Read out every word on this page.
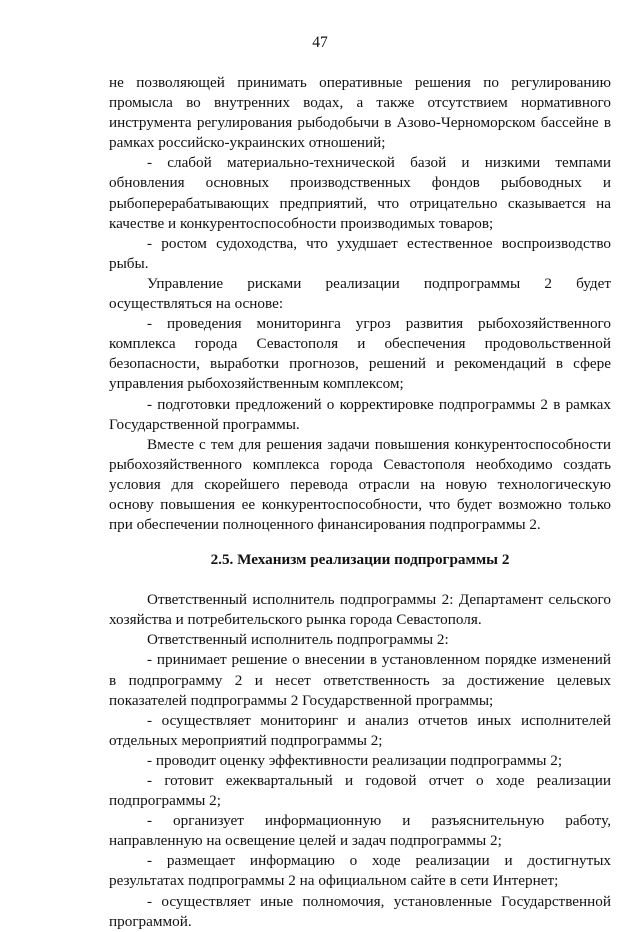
47

не позволяющей принимать оперативные решения по регулированию промысла во внутренних водах, а также отсутствием нормативного инструмента регулирования рыбодобычи в Азово-Черноморском бассейне в рамках российско-украинских отношений;

- слабой материально-технической базой и низкими темпами обновления основных производственных фондов рыбоводных и рыбоперерабатывающих предприятий, что отрицательно сказывается на качестве и конкурентоспособности производимых товаров;

- ростом судоходства, что ухудшает естественное воспроизводство рыбы.

Управление рисками реализации подпрограммы 2 будет осуществляться на основе:

- проведения мониторинга угроз развития рыбохозяйственного комплекса города Севастополя и обеспечения продовольственной безопасности, выработки прогнозов, решений и рекомендаций в сфере управления рыбохозяйственным комплексом;

- подготовки предложений о корректировке подпрограммы 2 в рамках Государственной программы.

Вместе с тем для решения задачи повышения конкурентоспособности рыбохозяйственного комплекса города Севастополя необходимо создать условия для скорейшего перевода отрасли на новую технологическую основу повышения ее конкурентоспособности, что будет возможно только при обеспечении полноценного финансирования подпрограммы 2.

2.5. Механизм реализации подпрограммы 2

Ответственный исполнитель подпрограммы 2: Департамент сельского хозяйства и потребительского рынка города Севастополя.

Ответственный исполнитель подпрограммы 2:

- принимает решение о внесении в установленном порядке изменений в подпрограмму 2 и несет ответственность за достижение целевых показателей подпрограммы 2 Государственной программы;

- осуществляет мониторинг и анализ отчетов иных исполнителей отдельных мероприятий подпрограммы 2;

- проводит оценку эффективности реализации подпрограммы 2;

- готовит ежеквартальный и годовой отчет о ходе реализации подпрограммы 2;

- организует информационную и разъяснительную работу, направленную на освещение целей и задач подпрограммы 2;

- размещает информацию о ходе реализации и достигнутых результатах подпрограммы 2 на официальном сайте в сети Интернет;

- осуществляет иные полномочия, установленные Государственной программой.
